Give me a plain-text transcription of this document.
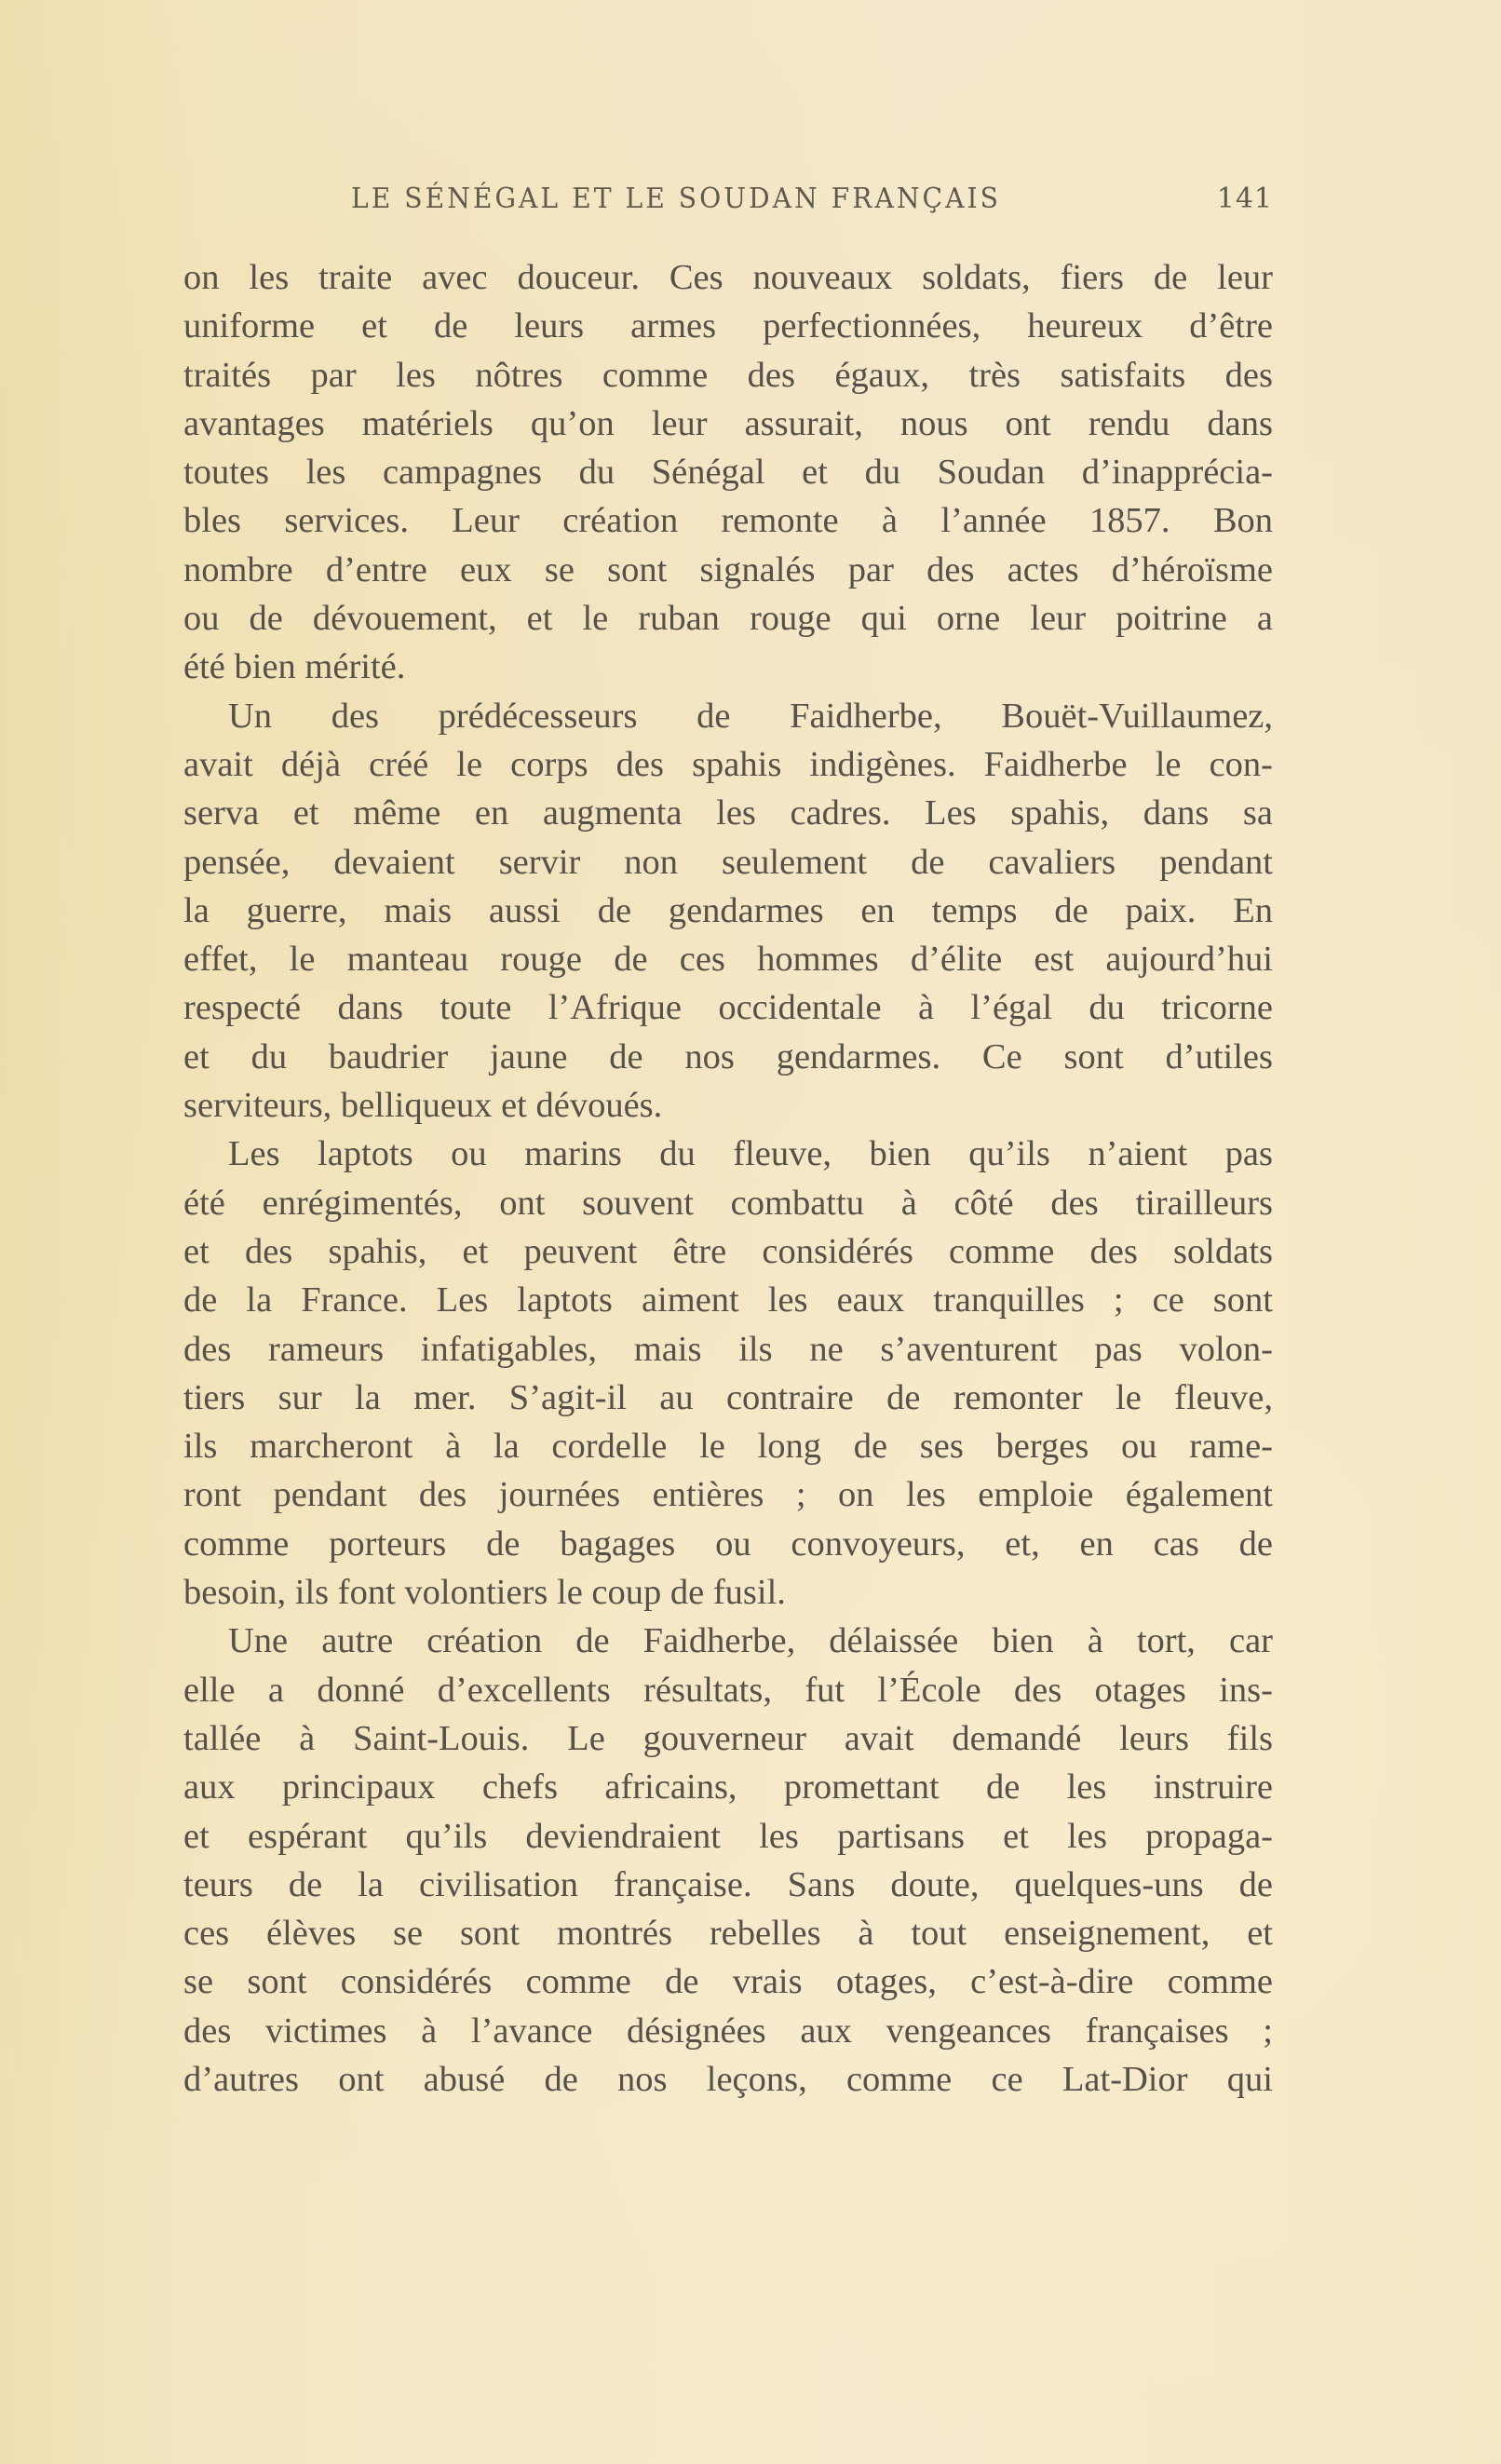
LE SÉNÉGAL ET LE SOUDAN FRANÇAIS	141
on les traite avec douceur. Ces nouveaux soldats, fiers de leur
uniforme et de leurs armes perfectionnées, heureux d’être
traités par les nôtres comme des égaux, très satisfaits des
avantages matériels qu’on leur assurait, nous ont rendu dans
toutes les campagnes du Sénégal et du Soudan d’inappréciа-
bles services. Leur création remonte à l’année 1857. Bon
nombre d’entre eux se sont signalés par des actes d’héroïsme
ou de dévouement, et le ruban rouge qui orne leur poitrine a
été bien mérité.
Un des prédécesseurs de Faidherbe, Bouët-Vuillaumez,
avait déjà créé le corps des spahis indigènes. Faidherbe le con-
serva et même en augmenta les cadres. Les spahis, dans sa
pensée, devaient servir non seulement de cavaliers pendant
la guerre, mais aussi de gendarmes en temps de paix. En
effet, le manteau rouge de ces hommes d’élite est aujourd’hui
respecté dans toute l’Afrique occidentale à l’égal du tricorne
et du baudrier jaune de nos gendarmes. Ce sont d’utiles
serviteurs, belliqueux et dévoués.
Les laptots ou marins du fleuve, bien qu’ils n’aient pas
été enrégimentés, ont souvent combattu à côté des tirailleurs
et des spahis, et peuvent être considérés comme des soldats
de la France. Les laptots aiment les eaux tranquilles ; ce sont
des rameurs infatigables, mais ils ne s’aventurent pas volon-
tiers sur la mer. S’agit-il au contraire de remonter le fleuve,
ils marcheront à la cordelle le long de ses berges ou rame-
ront pendant des journées entières ; on les emploie également
comme porteurs de bagages ou convoyeurs, et, en cas de
besoin, ils font volontiers le coup de fusil.
Une autre création de Faidherbe, délaissée bien à tort, car
elle a donné d’excellents résultats, fut l’École des otages ins-
tallée à Saint-Louis. Le gouverneur avait demandé leurs fils
aux principaux chefs africains, promettant de les instruire
et espérant qu’ils deviendraient les partisans et les propaga-
teurs de la civilisation française. Sans doute, quelques-uns de
ces élèves se sont montrés rebelles à tout enseignement, et
se sont considérés comme de vrais otages, c’est-à-dire comme
des victimes à l’avance désignées aux vengeances françaises ;
d’autres ont abusé de nos leçons, comme ce Lat-Dior qui
